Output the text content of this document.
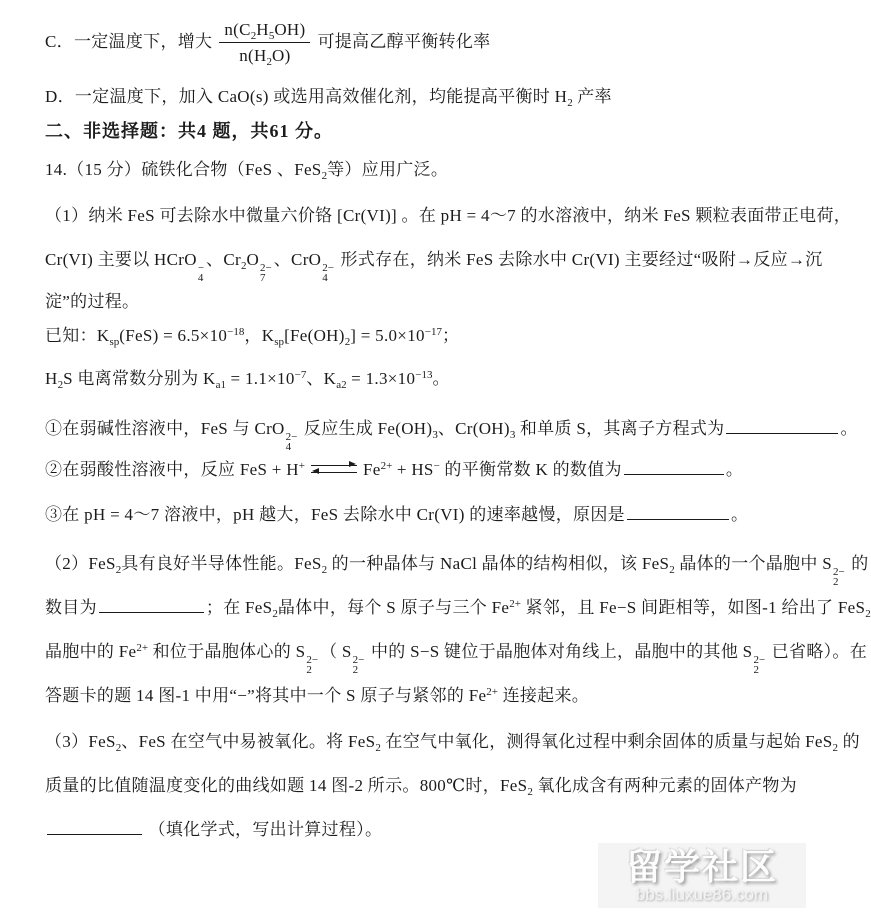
C．一定温度下，增大 $\frac{n(C_2H_5OH)}{n(H_2O)}$ 可提高乙醇平衡转化率
D．一定温度下，加入 CaO(s) 或选用高效催化剂，均能提高平衡时 $H_2$ 产率
二、非选择题：共4 题，共61 分。
14.（15 分）硫铁化合物（FeS 、FeS$_2$等）应用广泛。
（1）纳米 FeS 可去除水中微量六价铬 [Cr(VI)] 。在 pH = 4～7 的水溶液中，纳米 FeS 颗粒表面带正电荷，
Cr(VI) 主要以 HCrO −
4
、$Cr_2O$ 2−
7
、CrO 2−
4
形式存在，纳米 FeS 去除水中 Cr(VI) 主要经过“吸附→反应→沉
淀”的过程。
已知：$K_{sp}(FeS) = 6.5\times 10^{-18}$，$K_{sp}[Fe(OH)_2] = 5.0\times 10^{-17}$；
$H_2S$ 电离常数分别为 $K_{a1} = 1.1\times 10^{-7}$、$K_{a2} = 1.3\times 10^{-13}$。
①在弱碱性溶液中，FeS 与 CrO 2−
4
反应生成 $Fe(OH)_3$、$Cr(OH)_3$ 和单质 S，其离子方程式为	。
②在弱酸性溶液中，反应 FeS + H+ ⇌ $Fe^{2+} + HS^-$ 的平衡常数 K 的数值为	。
③在 pH = 4～7 溶液中，pH 越大，FeS 去除水中 Cr(VI) 的速率越慢，原因是	。
（2）FeS$_2$具有良好半导体性能。FeS$_2$ 的一种晶体与 NaCl 晶体的结构相似，该 FeS$_2$ 晶体的一个晶胞中 S 2−
2
的
数目为	；在 FeS$_2$晶体中，每个 S 原子与三个 $Fe^{2+}$ 紧邻，且 Fe−S 间距相等，如图-1 给出了 FeS$_2$
晶胞中的 $Fe^{2+}$ 和位于晶胞体心的 S 2−
2
（ S 2−
2
中的 S−S 键位于晶胞体对角线上，晶胞中的其他 S 2−
2
已省略）。在
答题卡的题 14 图-1 中用“−”将其中一个 S 原子与紧邻的 $Fe^{2+}$ 连接起来。
（3）FeS$_2$、FeS 在空气中易被氧化。将 FeS$_2$ 在空气中氧化，测得氧化过程中剩余固体的质量与起始 FeS$_2$ 的
质量的比值随温度变化的曲线如题 14 图-2 所示。800℃时，FeS$_2$ 氧化成含有两种元素的固体产物为
（填化学式，写出计算过程）。
留学社区
bbs.liuxue86.com
